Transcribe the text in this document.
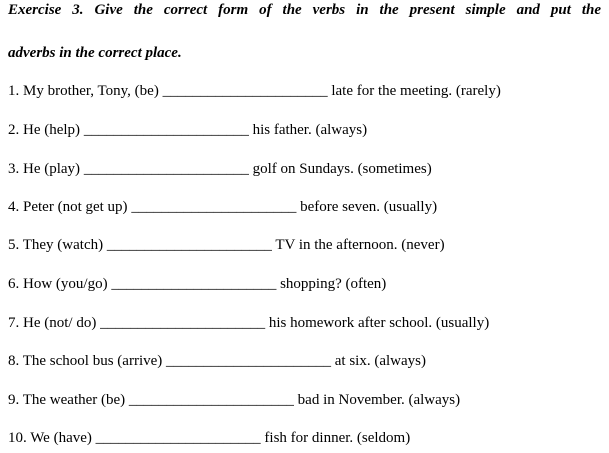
Exercise 3. Give the correct form of the verbs in the present simple and put the
adverbs in the correct place.
1. My brother, Tony, (be) ______________________ late for the meeting. (rarely)
2. He (help) ______________________ his father. (always)
3. He (play) ______________________ golf on Sundays. (sometimes)
4. Peter (not get up) ______________________ before seven. (usually)
5. They (watch) ______________________ TV in the afternoon. (never)
6. How (you/go) ______________________ shopping? (often)
7. He (not/ do) ______________________ his homework after school. (usually)
8. The school bus (arrive) ______________________ at six. (always)
9. The weather (be) ______________________ bad in November. (always)
10. We (have) ______________________ fish for dinner. (seldom)
